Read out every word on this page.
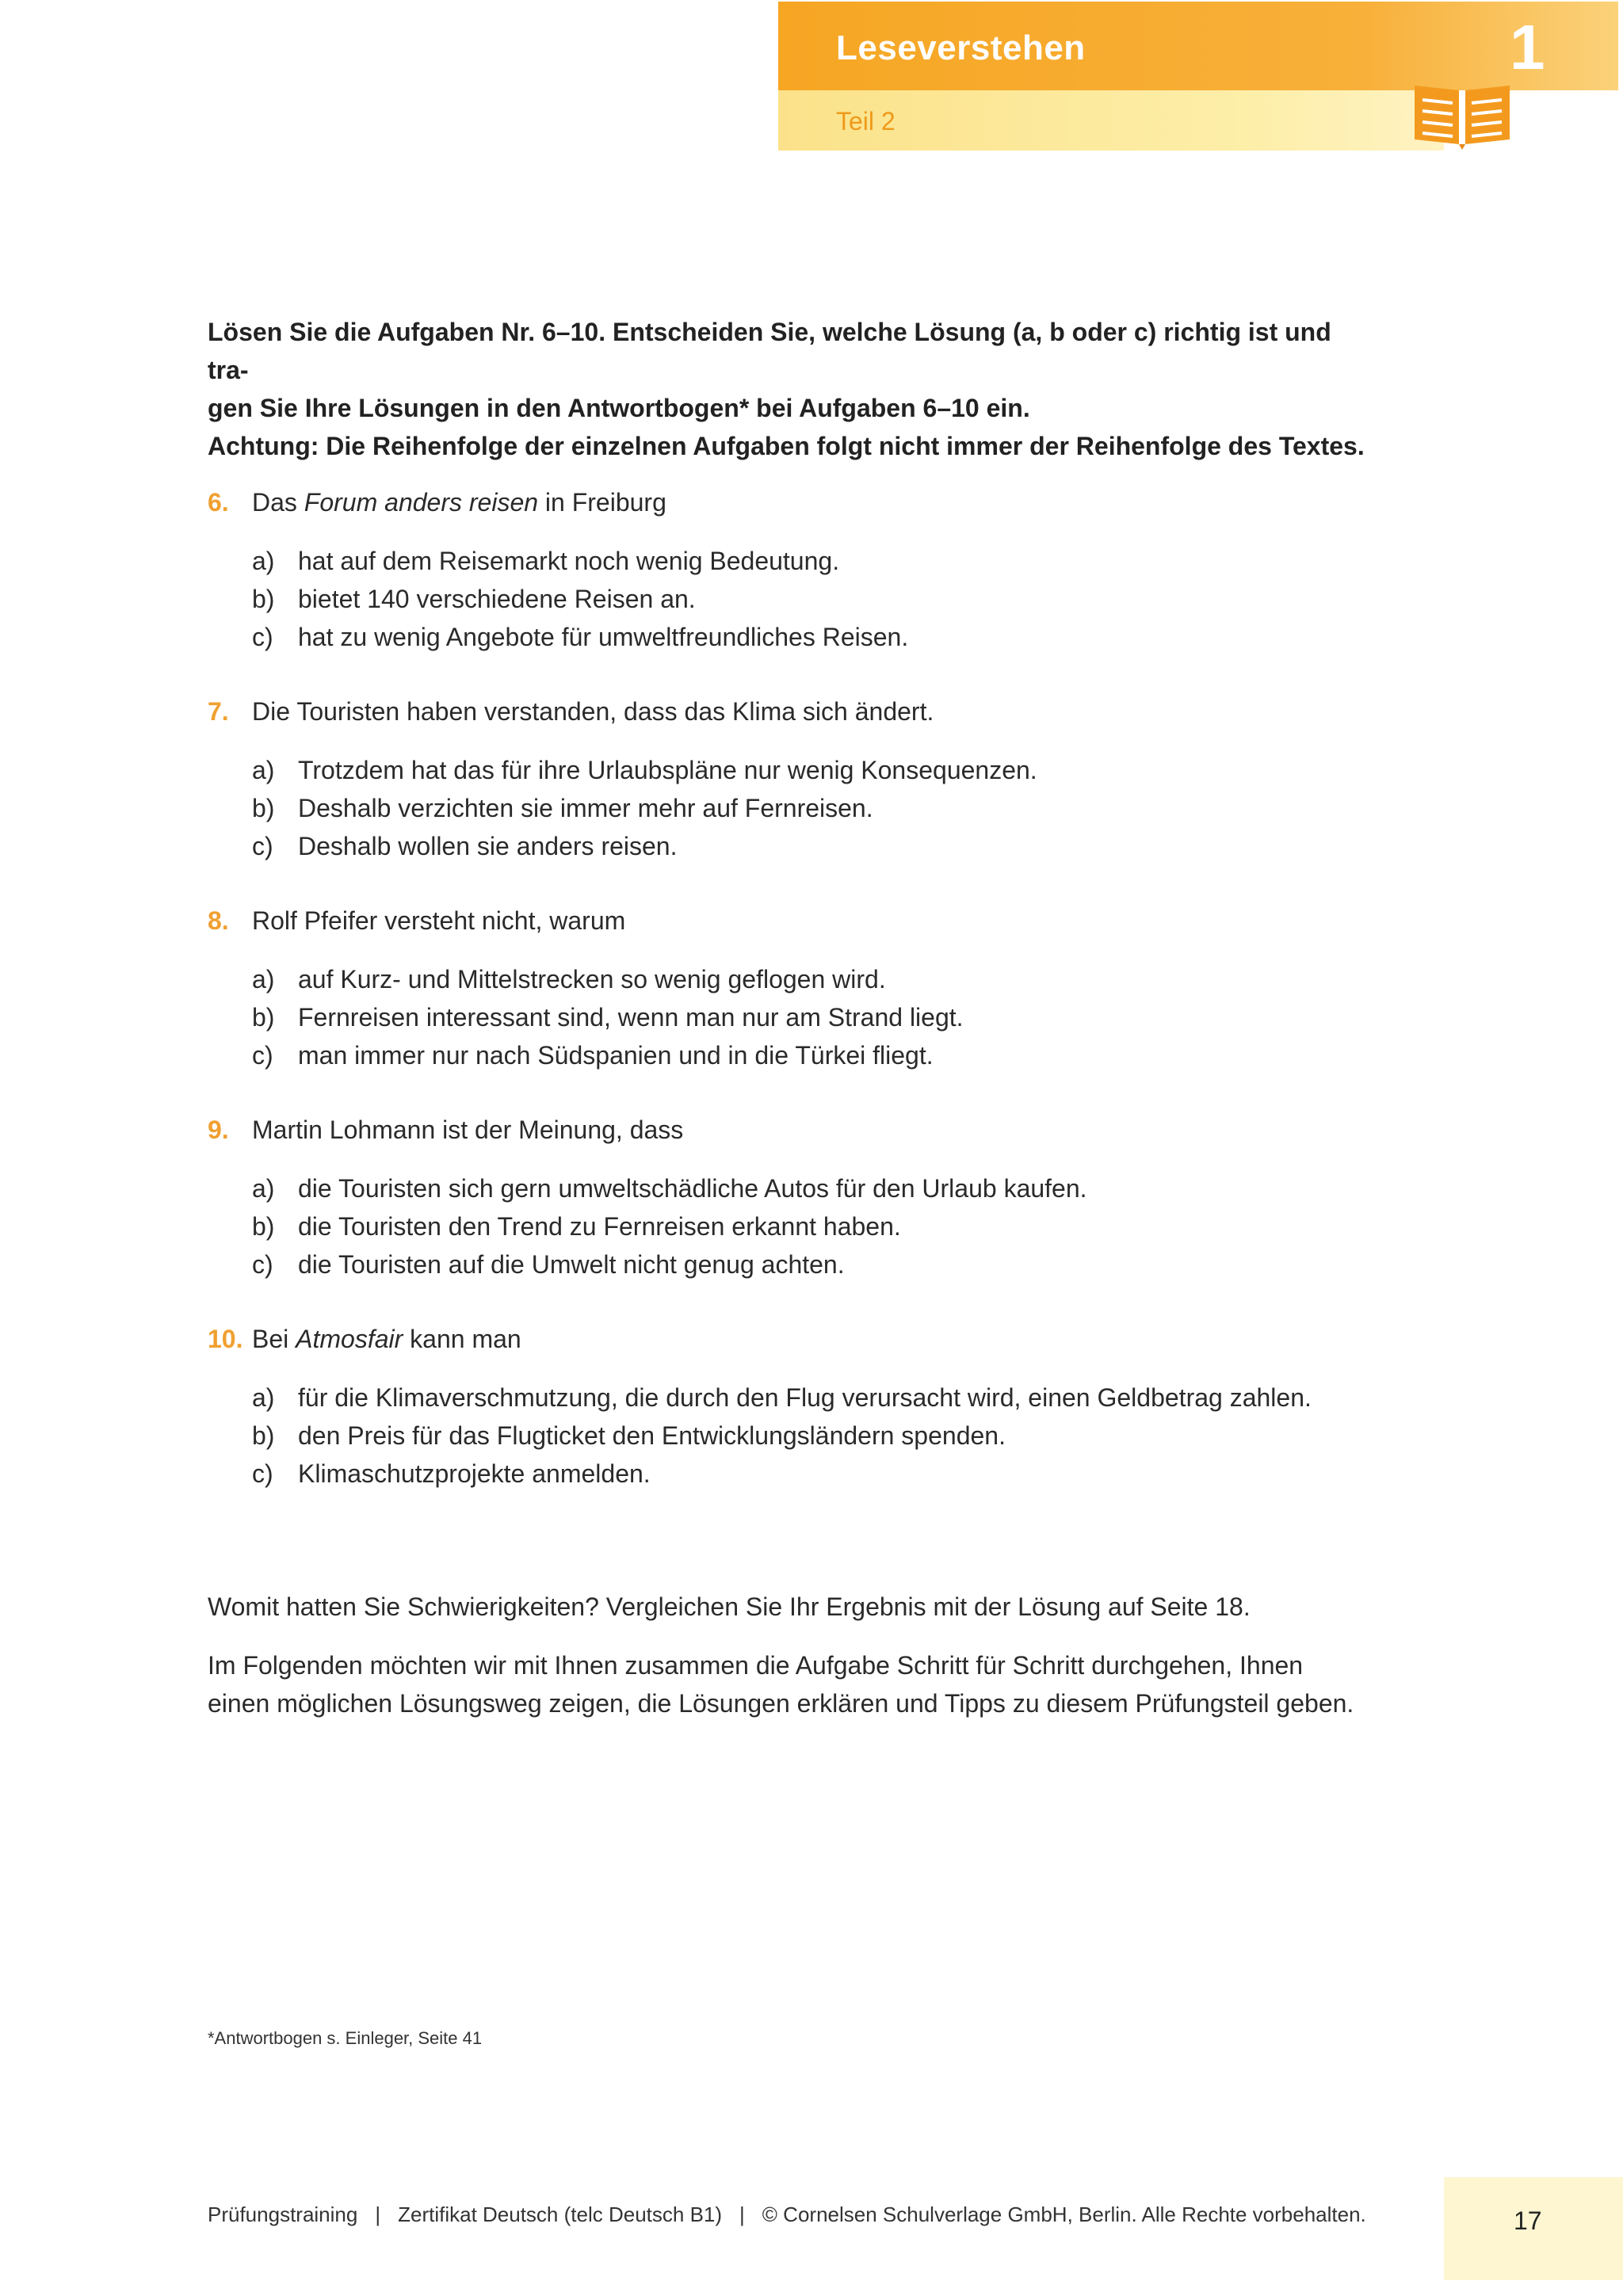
Leseverstehen	1
Teil 2
Lösen Sie die Aufgaben Nr. 6–10. Entscheiden Sie, welche Lösung (a, b oder c) richtig ist und tra-
gen Sie Ihre Lösungen in den Antwortbogen* bei Aufgaben 6–10 ein.
Achtung: Die Reihenfolge der einzelnen Aufgaben folgt nicht immer der Reihenfolge des Textes.
6. Das Forum anders reisen in Freiburg
a) hat auf dem Reisemarkt noch wenig Bedeutung.
b) bietet 140 verschiedene Reisen an.
c) hat zu wenig Angebote für umweltfreundliches Reisen.
7. Die Touristen haben verstanden, dass das Klima sich ändert.
a) Trotzdem hat das für ihre Urlaubspläne nur wenig Konsequenzen.
b) Deshalb verzichten sie immer mehr auf Fernreisen.
c) Deshalb wollen sie anders reisen.
8. Rolf Pfeifer versteht nicht, warum
a) auf Kurz- und Mittelstrecken so wenig geflogen wird.
b) Fernreisen interessant sind, wenn man nur am Strand liegt.
c) man immer nur nach Südspanien und in die Türkei fliegt.
9. Martin Lohmann ist der Meinung, dass
a) die Touristen sich gern umweltschädliche Autos für den Urlaub kaufen.
b) die Touristen den Trend zu Fernreisen erkannt haben.
c) die Touristen auf die Umwelt nicht genug achten.
10. Bei Atmosfair kann man
a) für die Klimaverschmutzung, die durch den Flug verursacht wird, einen Geldbetrag zahlen.
b) den Preis für das Flugticket den Entwicklungsländern spenden.
c) Klimaschutzprojekte anmelden.
Womit hatten Sie Schwierigkeiten? Vergleichen Sie Ihr Ergebnis mit der Lösung auf Seite 18.
Im Folgenden möchten wir mit Ihnen zusammen die Aufgabe Schritt für Schritt durchgehen, Ihnen
einen möglichen Lösungsweg zeigen, die Lösungen erklären und Tipps zu diesem Prüfungsteil geben.
*Antwortbogen s. Einleger, Seite 41
Prüfungstraining | Zertifikat Deutsch (telc Deutsch B1) | © Cornelsen Schulverlage GmbH, Berlin. Alle Rechte vorbehalten.	17
